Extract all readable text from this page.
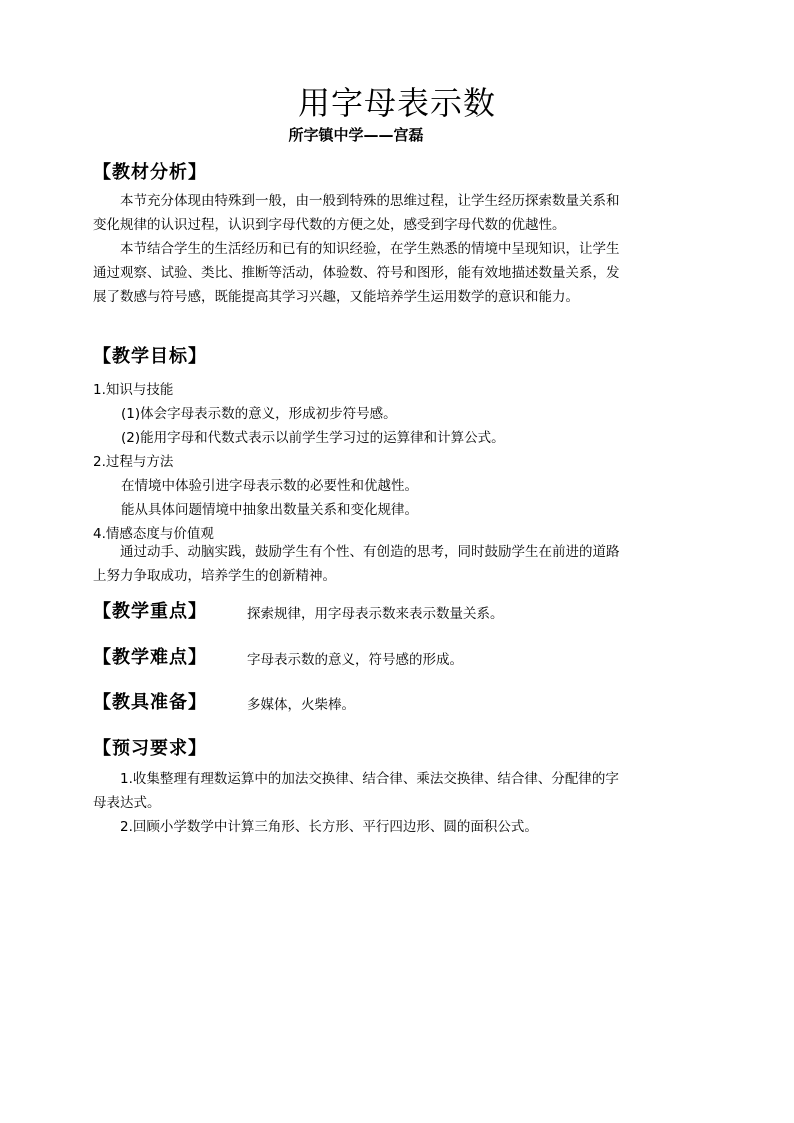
用字母表示数
所字镇中学——宫磊
【教材分析】

本节充分体现由特殊到一般，由一般到特殊的思维过程，让学生经历探索数量关系和变化规律的认识过程，认识到字母代数的方便之处，感受到字母代数的优越性。

本节结合学生的生活经历和已有的知识经验，在学生熟悉的情境中呈现知识，让学生通过观察、试验、类比、推断等活动，体验数、符号和图形，能有效地描述数量关系，发展了数感与符号感，既能提高其学习兴趣，又能培养学生运用数学的意识和能力。

【教学目标】
1.知识与技能
(1)体会字母表示数的意义，形成初步符号感。
(2)能用字母和代数式表示以前学生学习过的运算律和计算公式。
2.过程与方法
在情境中体验引进字母表示数的必要性和优越性。
能从具体问题情境中抽象出数量关系和变化规律。
4.情感态度与价值观

通过动手、动脑实践，鼓励学生有个性、有创造的思考，同时鼓励学生在前进的道路上努力争取成功，培养学生的创新精神。

【教学重点】	探索规律，用字母表示数来表示数量关系。
【教学难点】	字母表示数的意义，符号感的形成。
【教具准备】	多媒体，火柴棒。
【预习要求】

1.收集整理有理数运算中的加法交换律、结合律、乘法交换律、结合律、分配律的字母表达式。

2.回顾小学数学中计算三角形、长方形、平行四边形、圆的面积公式。
